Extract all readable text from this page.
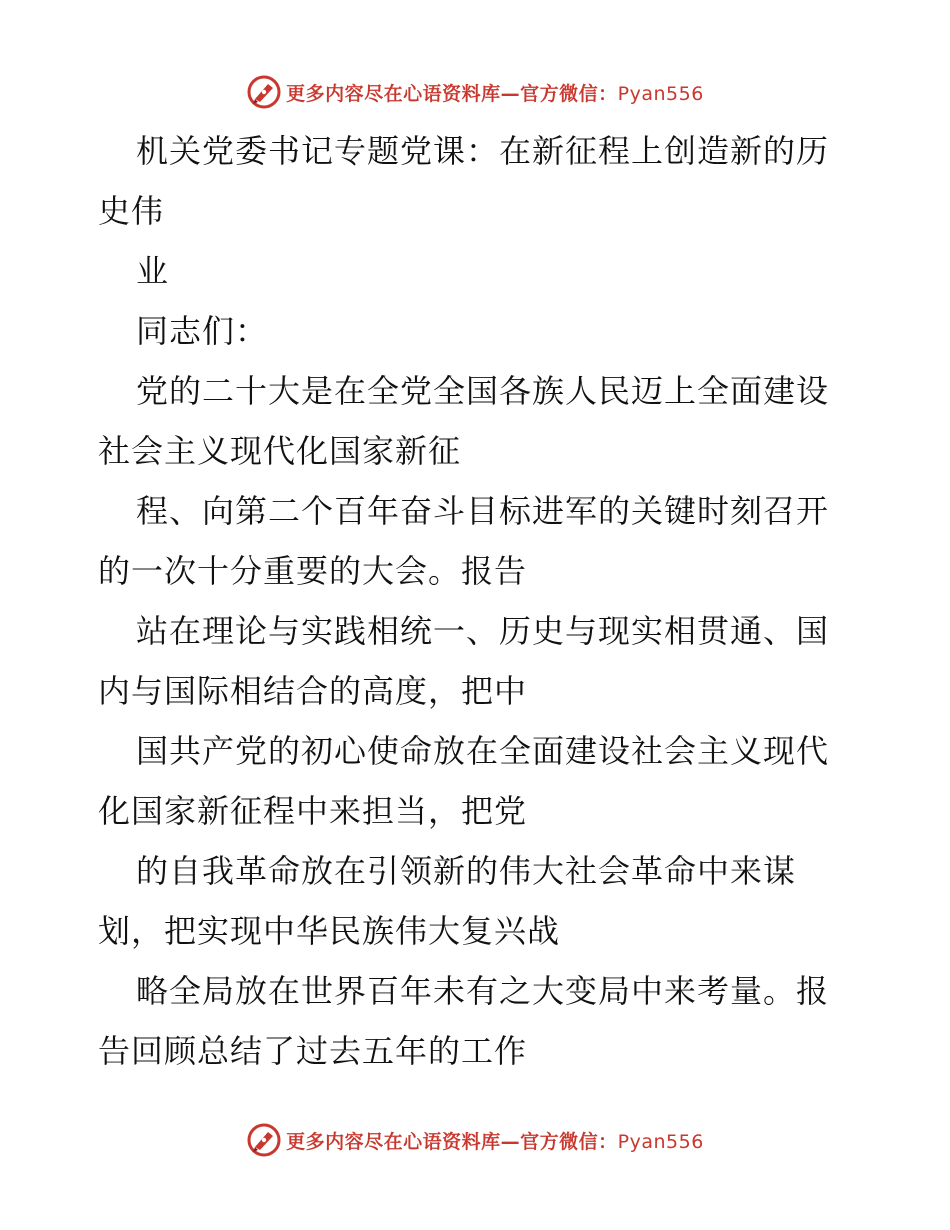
更多内容尽在心语资料库—官方微信：Pyan556
机关党委书记专题党课：在新征程上创造新的历
史伟
业
同志们：
党的二十大是在全党全国各族人民迈上全面建设
社会主义现代化国家新征
程、向第二个百年奋斗目标进军的关键时刻召开
的一次十分重要的大会。报告
站在理论与实践相统一、历史与现实相贯通、国
内与国际相结合的高度，把中
国共产党的初心使命放在全面建设社会主义现代
化国家新征程中来担当，把党
的自我革命放在引领新的伟大社会革命中来谋
划，把实现中华民族伟大复兴战
略全局放在世界百年未有之大变局中来考量。报
告回顾总结了过去五年的工作
更多内容尽在心语资料库—官方微信：Pyan556
